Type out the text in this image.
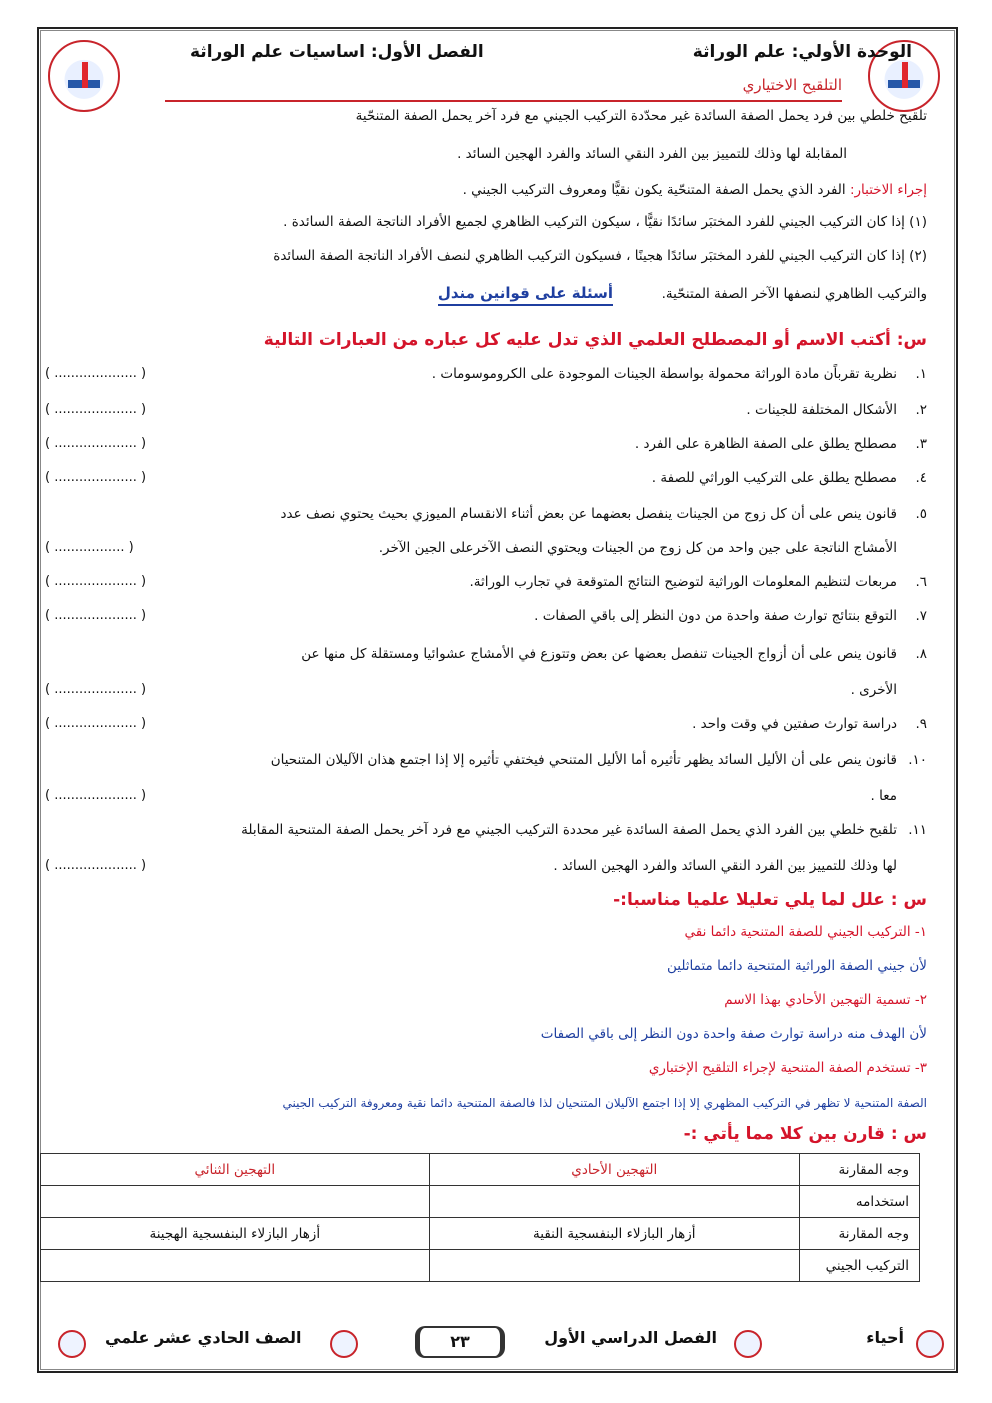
الوحدة الأولي: علم الوراثة
الفصل الأول: اساسيات علم الوراثة
التلقيح الاختياري
تلقيح خلطي بين فرد يحمل الصفة السائدة غير محدّدة التركيب الجيني مع فرد آخر يحمل الصفة المتنحّية
المقابلة لها وذلك للتمييز بين الفرد النقي السائد والفرد الهجين السائد .
إجراء الاختبار: الفرد الذي يحمل الصفة المتنحّية يكون نقيًّا ومعروف التركيب الجيني .
(١) إذا كان التركيب الجيني للفرد المختبَر سائدًا نقيًّا ، سيكون التركيب الظاهري لجميع الأفراد الناتجة الصفة السائدة .
(٢) إذا كان التركيب الجيني للفرد المختبَر سائدًا هجينًا ، فسيكون التركيب الظاهري لنصف الأفراد الناتجة الصفة السائدة
والتركيب الظاهري لنصفها الآخر الصفة المتنحّية.  أسئلة على قوانين مندل
س: أكتب الاسم أو المصطلح العلمي الذي تدل عليه كل عباره من العبارات التالية
١.نظرية تقرباًن مادة الوراثة محمولة بواسطة الجينات الموجودة على الكروموسومات .
( .................... )
٢.الأشكال المختلفة للجينات .
( .................... )
٣.مصطلح يطلق على الصفة الظاهرة على الفرد .
( .................... )
٤.مصطلح يطلق على التركيب الوراثي للصفة .
( .................... )
٥.قانون ينص على أن كل زوج من الجينات ينفصل بعضهما عن بعض أثناء الانقسام الميوزي بحيث يحتوي نصف عدد
الأمشاج الناتجة على جين واحد من كل زوج من الجينات ويحتوي النصف الآخرعلى الجين الآخر.
( ................. )
٦.مربعات لتنظيم المعلومات الوراثية لتوضيح النتائج المتوقعة في تجارب الوراثة.
( .................... )
٧.التوقع بنتائج توارث صفة واحدة من دون النظر إلى باقي الصفات .
( .................... )
٨.قانون ينص على أن أزواج الجينات تنفصل بعضها عن بعض وتتوزع في الأمشاج عشوائيا ومستقلة كل منها عن
الأخرى .
( .................... )
٩.دراسة توارث صفتين في وقت واحد .
( .................... )
١٠.قانون ينص على أن الأليل السائد يظهر تأثيره أما الأليل المتنحي فيختفي تأثيره إلا إذا اجتمع هذان الآليلان المتنحيان
معا .
( .................... )
١١.تلقيح خلطي بين الفرد الذي يحمل الصفة السائدة غير محددة التركيب الجيني مع فرد آخر يحمل الصفة المتنحية المقابلة
لها وذلك للتمييز بين الفرد النقي السائد والفرد الهجين السائد .
( .................... )
س : علل لما يلي تعليلا علميا مناسبا:-
١- التركيب الجيني للصفة المتنحية دائما نقي
لأن جيني الصفة الوراثية المتنحية دائما متماثلين
٢- تسمية التهجين الأحادي بهذا الاسم
لأن الهدف منه دراسة توارث صفة واحدة دون النظر إلى باقي الصفات
٣- تستخدم الصفة المتنحية لإجراء التلقيح الإختباري
الصفة المتنحية لا تظهر في التركيب المظهري إلا إذا اجتمع الآليلان المتنحيان لذا فالصفة المتنحية دائما نقية ومعروفة التركيب الجيني
س : قارن بين كلا مما يأتي :-
وجه المقارنة	التهجين الأحادي	التهجين الثنائي
استخدامه		
وجه المقارنة	أزهار البازلاء البنفسجية النقية	أزهار البازلاء البنفسجية الهجينة
التركيب الجيني		
أحياء
الفصل الدراسي الأول
٢٣
الصف الحادي عشر علمي
